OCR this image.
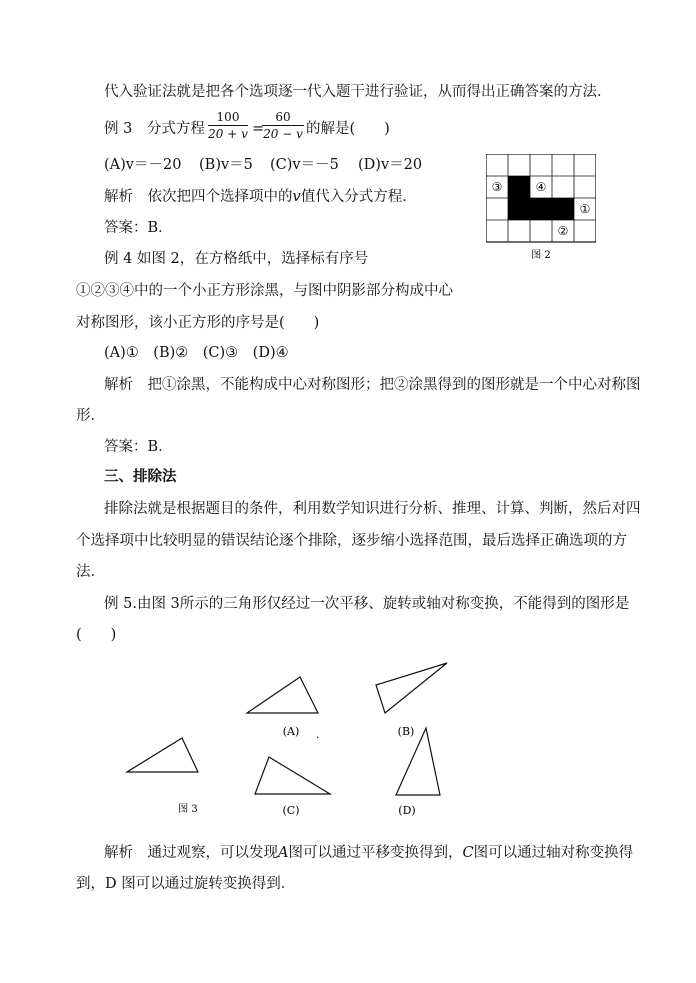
代入验证法就是把各个选项逐一代入题干进行验证，从而得出正确答案的方法．
例 3　分式方程
100
20 + v =
60
20 − v 的解是(　　)
(A)v＝－20 (B)v＝5 (C)v＝－5 (D)v＝20
解析　依次把四个选择项中的v值代入分式方程．
答案：B．
例 4 如图 2，在方格纸中，选择标有序号
①②③④中的一个小正方形涂黑，与图中阴影部分构成中心
对称图形，该小正方形的序号是(　　)
(A)①　(B)②　(C)③　(D)④
解析　把①涂黑，不能构成中心对称图形；把②涂黑得到的图形就是一个中心对称图
形．
答案：B．
①
②
③	④
图 2
三、排除法
排除法就是根据题目的条件，利用数学知识进行分析、推理、计算、判断，然后对四
个选择项中比较明显的错误结论逐个排除，逐步缩小选择范围，最后选择正确选项的方
法．
例 5.由图 3所示的三角形仅经过一次平移、旋转或轴对称变换，不能得到的图形是
(　　)
(A) .	(B)
图 3	(C)	(D)
解析　通过观察，可以发现A图可以通过平移变换得到，C图可以通过轴对称变换得
到，D 图可以通过旋转变换得到．
